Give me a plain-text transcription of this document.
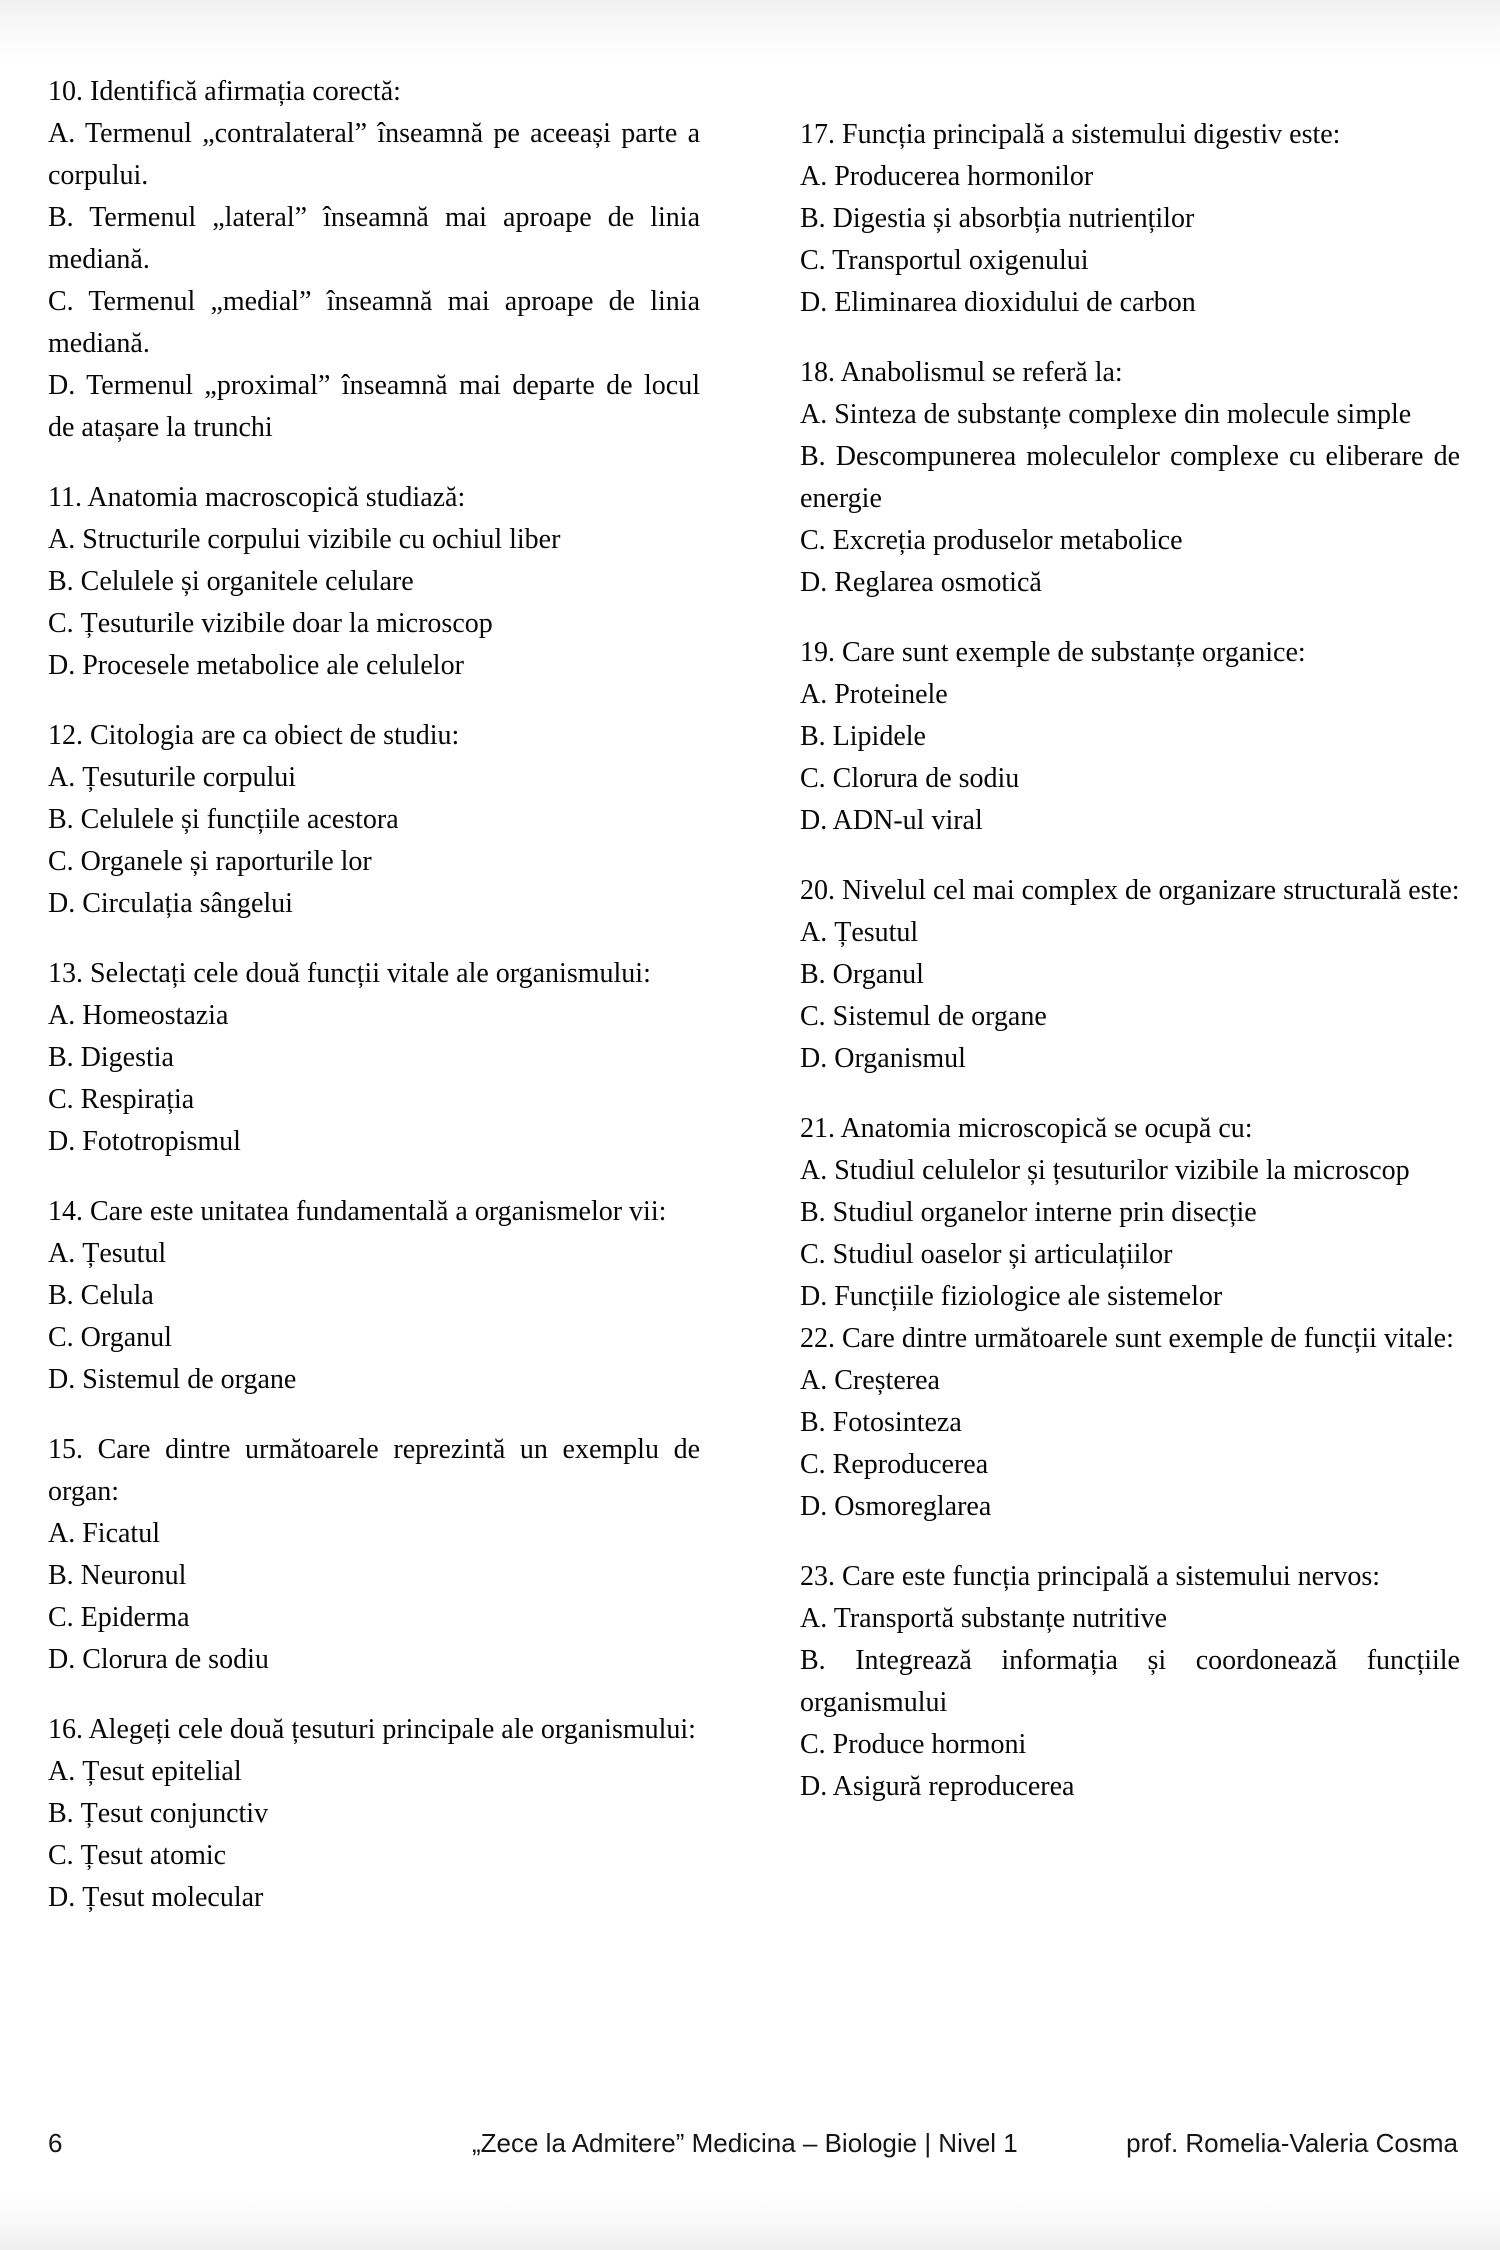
10. Identifică afirmația corectă:

A. Termenul „contralateral” înseamnă pe aceeași parte a corpului.

B. Termenul „lateral” înseamnă mai aproape de linia mediană.

C. Termenul „medial” înseamnă mai aproape de linia mediană.

D. Termenul „proximal” înseamnă mai departe de locul de atașare la trunchi

11. Anatomia macroscopică studiază:

A. Structurile corpului vizibile cu ochiul liber

B. Celulele și organitele celulare

C. Țesuturile vizibile doar la microscop

D. Procesele metabolice ale celulelor

12. Citologia are ca obiect de studiu:

A. Țesuturile corpului

B. Celulele și funcțiile acestora

C. Organele și raporturile lor

D. Circulația sângelui

13. Selectați cele două funcții vitale ale organismului:

A. Homeostazia

B. Digestia

C. Respirația

D. Fototropismul

14. Care este unitatea fundamentală a organismelor vii:

A. Țesutul

B. Celula

C. Organul

D. Sistemul de organe

15. Care dintre următoarele reprezintă un exemplu de organ:

A. Ficatul

B. Neuronul

C. Epiderma

D. Clorura de sodiu

16. Alegeți cele două țesuturi principale ale organismului:

A. Țesut epitelial

B. Țesut conjunctiv

C. Țesut atomic

D. Țesut molecular

17. Funcția principală a sistemului digestiv este:

A. Producerea hormonilor

B. Digestia și absorbția nutrienților

C. Transportul oxigenului

D. Eliminarea dioxidului de carbon

18. Anabolismul se referă la:

A. Sinteza de substanțe complexe din molecule simple

B. Descompunerea moleculelor complexe cu eliberare de energie

C. Excreția produselor metabolice

D. Reglarea osmotică

19. Care sunt exemple de substanțe organice:

A. Proteinele

B. Lipidele

C. Clorura de sodiu

D. ADN-ul viral

20. Nivelul cel mai complex de organizare structurală este:

A. Țesutul

B. Organul

C. Sistemul de organe

D. Organismul

21. Anatomia microscopică se ocupă cu:

A. Studiul celulelor și țesuturilor vizibile la microscop

B. Studiul organelor interne prin disecție

C. Studiul oaselor și articulațiilor

D. Funcțiile fiziologice ale sistemelor

22. Care dintre următoarele sunt exemple de funcții vitale:

A. Creșterea

B. Fotosinteza

C. Reproducerea

D. Osmoreglarea

23. Care este funcția principală a sistemului nervos:

A. Transportă substanțe nutritive

B. Integrează informația și coordonează funcțiile organismului

C. Produce hormoni

D. Asigură reproducerea

6	„Zece la Admitere” Medicina – Biologie | Nivel 1	prof. Romelia-Valeria Cosma
